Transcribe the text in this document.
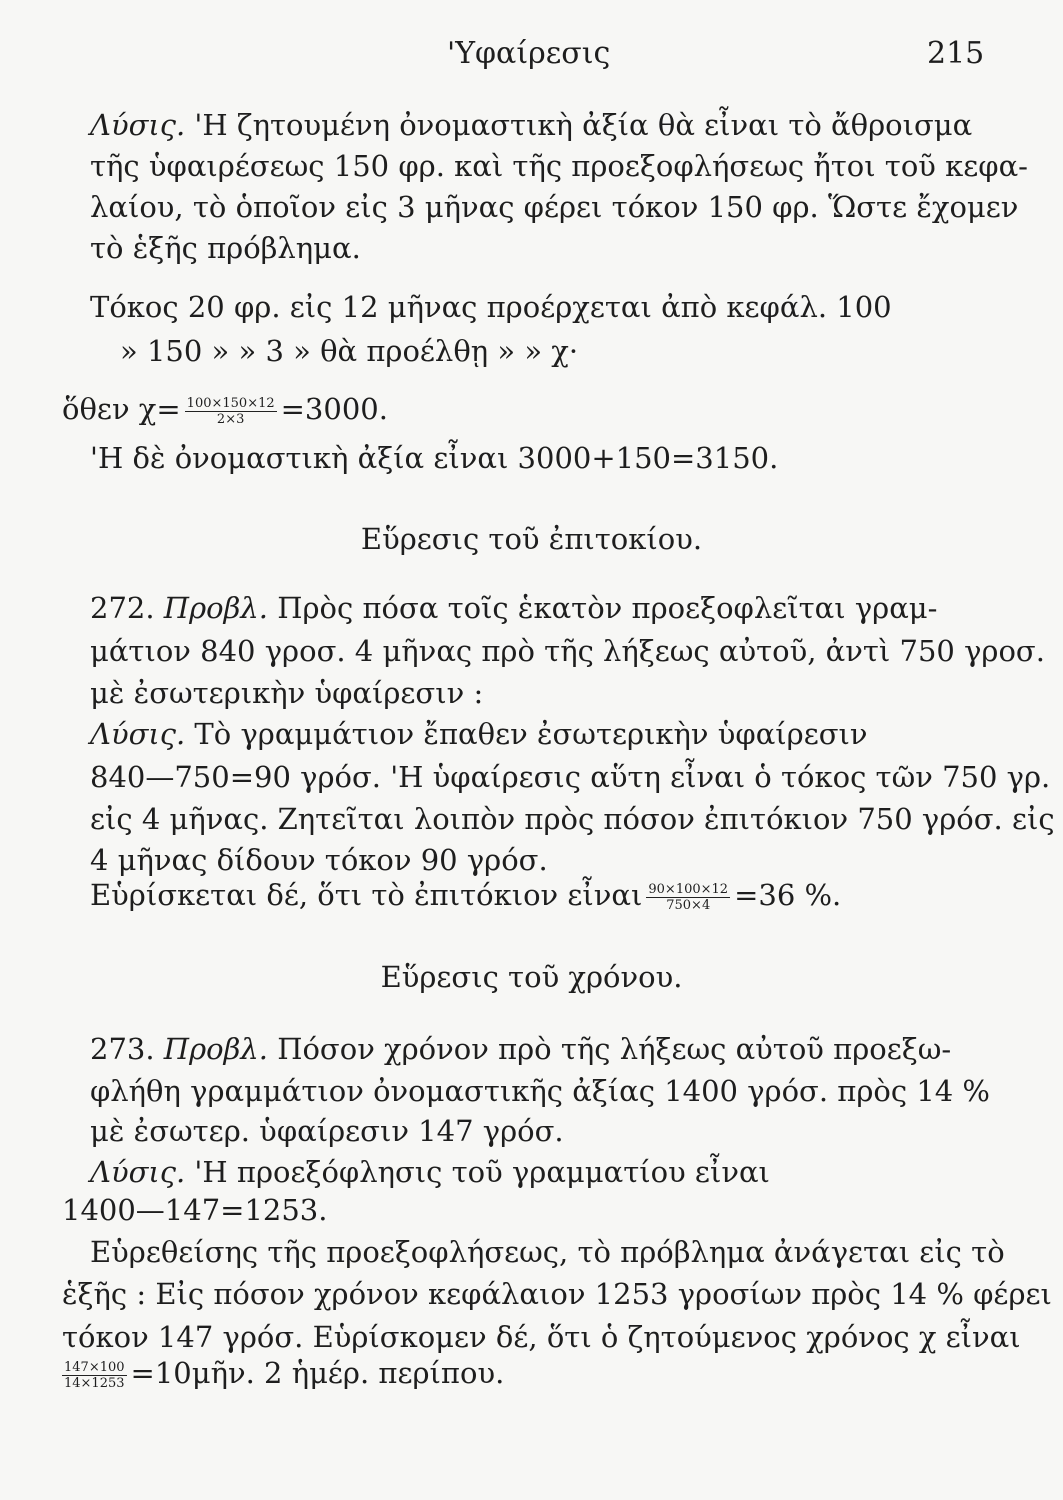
'Υφαίρεσις	215
Λύσις. 'Η ζητουμένη ὀνομαστικὴ ἀξία θὰ εἶναι τὸ ἄθροισμα
τῆς ὑφαιρέσεως 150 φρ. καὶ τῆς προεξοφλήσεως ἤτοι τοῦ κεφα-
λαίου, τὸ ὁποῖον εἰς 3 μῆνας φέρει τόκον 150 φρ. Ὥστε ἔχομεν
τὸ ἑξῆς πρόβλημα.
Τόκος 20 φρ. εἰς 12 μῆνας προέρχεται ἀπὸ κεφάλ. 100
» 150 » » 3 » θὰ προέλθῃ » » χ·
ὅθεν $\chi= \frac{100\times 150\times 12}{2\times 3} =3000$.
'Η δὲ ὀνομαστικὴ ἀξία εἶναι 3000+150=3150.
Εὕρεσις τοῦ ἐπιτοκίου.
272. Προβλ. Πρὸς πόσα τοῖς ἑκατὸν προεξοφλεῖται γραμ-
μάτιον 840 γροσ. 4 μῆνας πρὸ τῆς λήξεως αὐτοῦ, ἀντὶ 750 γροσ.
μὲ ἐσωτερικὴν ὑφαίρεσιν :
Λύσις. Τὸ γραμμάτιον ἔπαθεν ἐσωτερικὴν ὑφαίρεσιν
840—750=90 γρόσ. 'Η ὑφαίρεσις αὕτη εἶναι ὁ τόκος τῶν 750 γρ.
εἰς 4 μῆνας. Ζητεῖται λοιπὸν πρὸς πόσον ἐπιτόκιον 750 γρόσ. εἰς
4 μῆνας δίδουν τόκον 90 γρόσ.
Εὑρίσκεται δέ, ὅτι τὸ ἐπιτόκιον εἶναι $\frac{90\times 100\times 12}{750\times 4} =36$ %.
Εὕρεσις τοῦ χρόνου.
273. Προβλ. Πόσον χρόνον πρὸ τῆς λήξεως αὐτοῦ προεξω-
φλήθη γραμμάτιον ὀνομαστικῆς ἀξίας 1400 γρόσ. πρὸς 14 %
μὲ ἐσωτερ. ὑφαίρεσιν 147 γρόσ.
Λύσις. 'Η προεξόφλησις τοῦ γραμματίου εἶναι
1400—147=1253.
Εὑρεθείσης τῆς προεξοφλήσεως, τὸ πρόβλημα ἀνάγεται εἰς τὸ
ἑξῆς : Εἰς πόσον χρόνον κεφάλαιον 1253 γροσίων πρὸς 14 % φέρει
τόκον 147 γρόσ. Εὑρίσκομεν δέ, ὅτι ὁ ζητούμενος χρόνος χ εἶναι
$\frac{147\times 100}{14\times 1253}$ =10μῆν. 2 ἡμέρ. περίπου.
